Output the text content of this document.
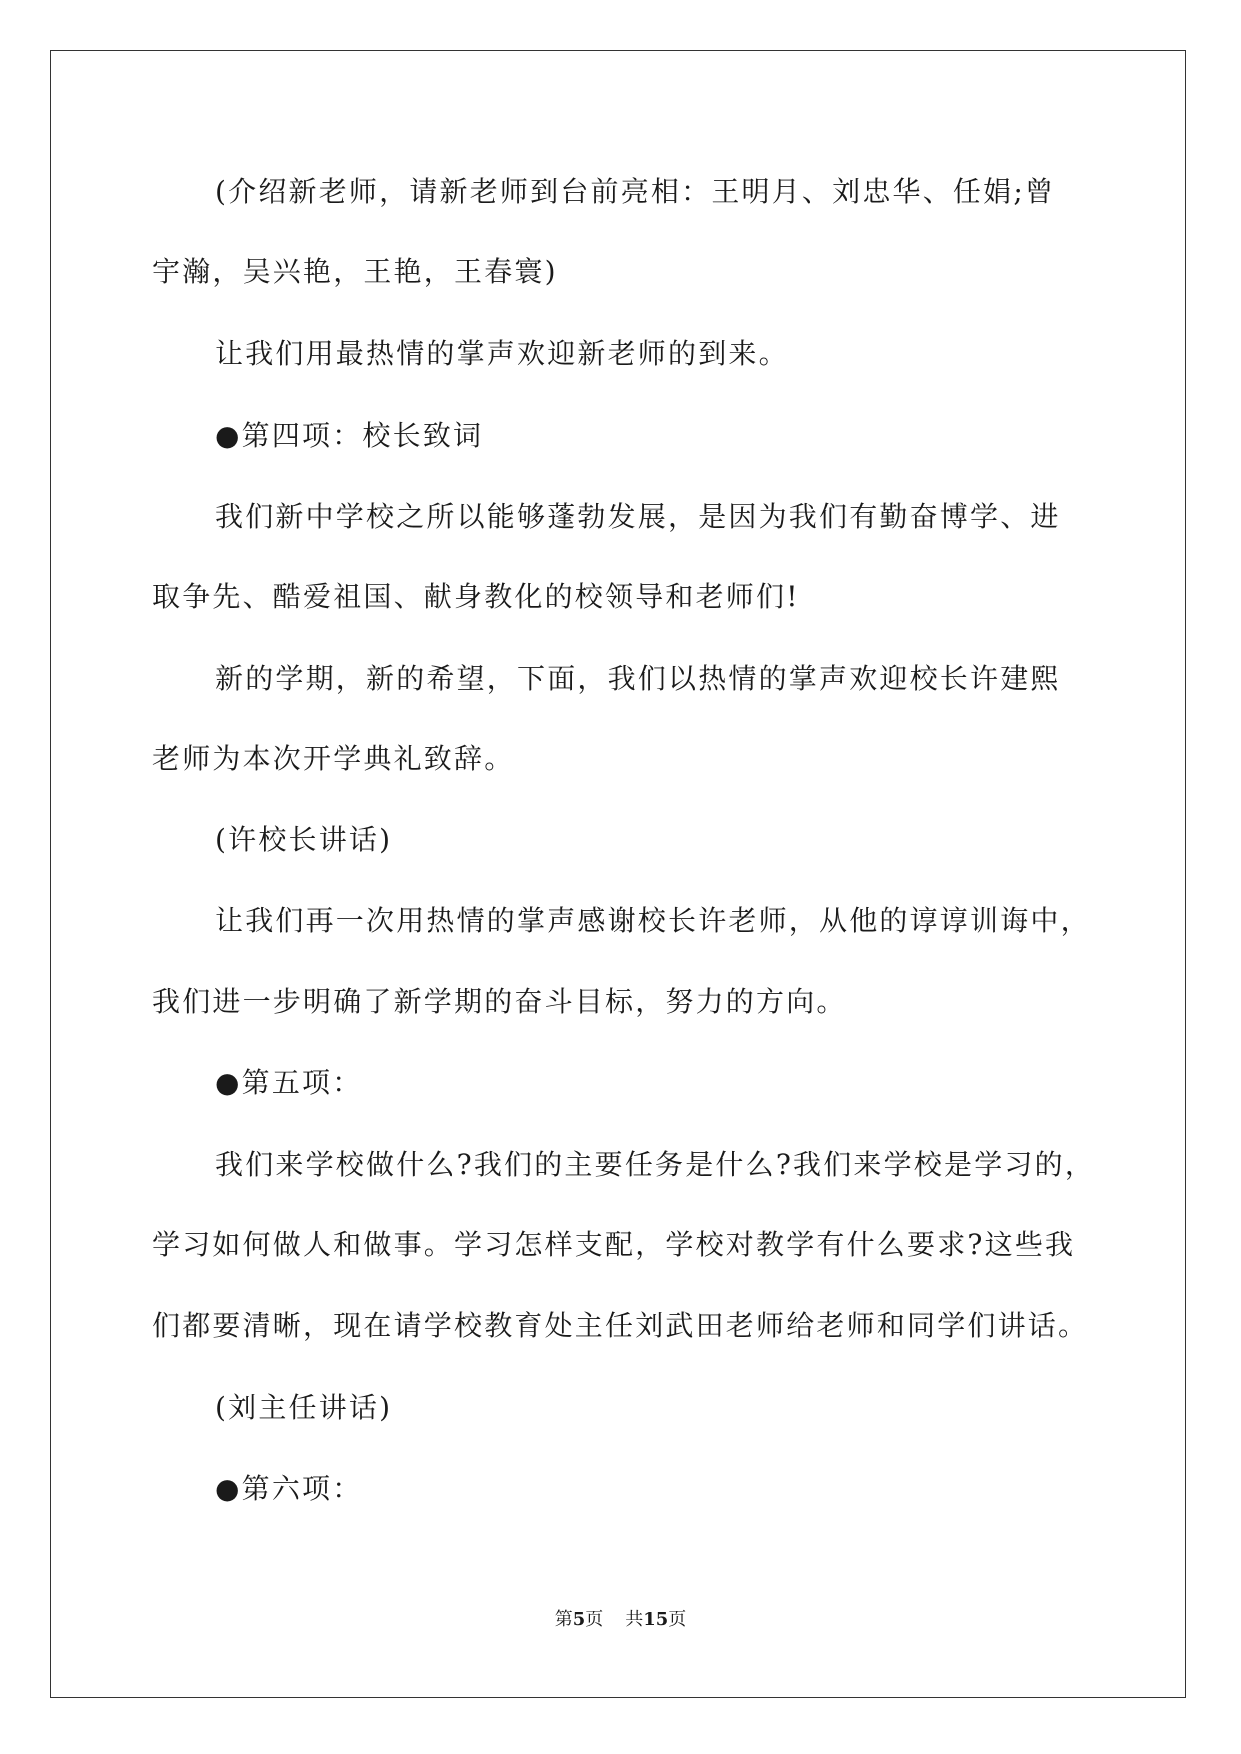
(介绍新老师，请新老师到台前亮相：王明月、刘忠华、任娟;曾
宇瀚，吴兴艳，王艳，王春寰)
让我们用最热情的掌声欢迎新老师的到来。
●第四项：校长致词
我们新中学校之所以能够蓬勃发展，是因为我们有勤奋博学、进
取争先、酷爱祖国、献身教化的校领导和老师们!
新的学期，新的希望，下面，我们以热情的掌声欢迎校长许建熙
老师为本次开学典礼致辞。
(许校长讲话)
让我们再一次用热情的掌声感谢校长许老师，从他的谆谆训诲中，
我们进一步明确了新学期的奋斗目标，努力的方向。
●第五项：
我们来学校做什么?我们的主要任务是什么?我们来学校是学习的，
学习如何做人和做事。学习怎样支配，学校对教学有什么要求?这些我
们都要清晰，现在请学校教育处主任刘武田老师给老师和同学们讲话。
(刘主任讲话)
●第六项：
第5页 共15页
